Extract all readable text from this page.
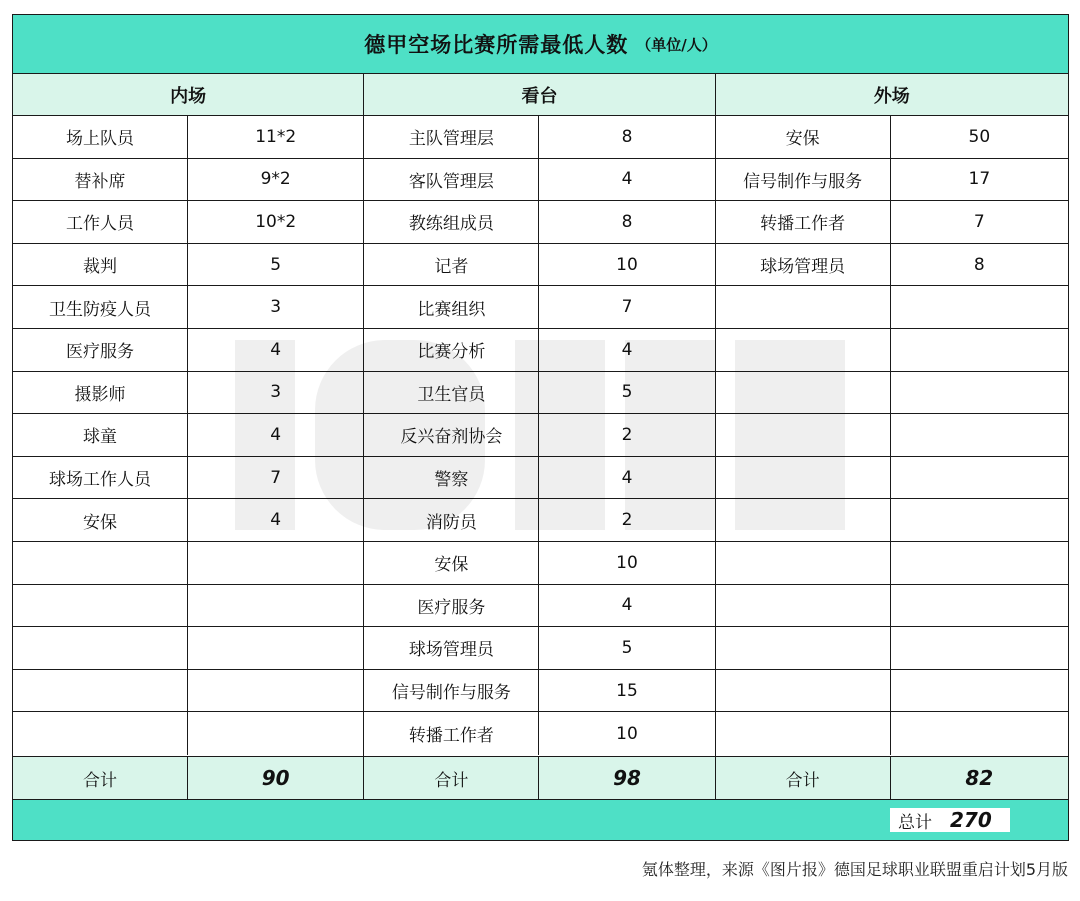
德甲空场比赛所需最低人数 （单位/人）
内场
场上队员	11*2
替补席	9*2
工作人员	10*2
裁判	5
卫生防疫人员	3
医疗服务	4
摄影师	3
球童	4
球场工作人员	7
安保	4
看台
主队管理层	8
客队管理层	4
教练组成员	8
记者	10
比赛组织	7
比赛分析	4
卫生官员	5
反兴奋剂协会	2
警察	4
消防员	2
安保	10
医疗服务	4
球场管理员	5
信号制作与服务	15
转播工作者	10
外场
安保	50
信号制作与服务	17
转播工作者	7
球场管理员	8
合计	90	合计	98	合计	82
总计 270
氪体整理，来源《图片报》德国足球职业联盟重启计划5月版
